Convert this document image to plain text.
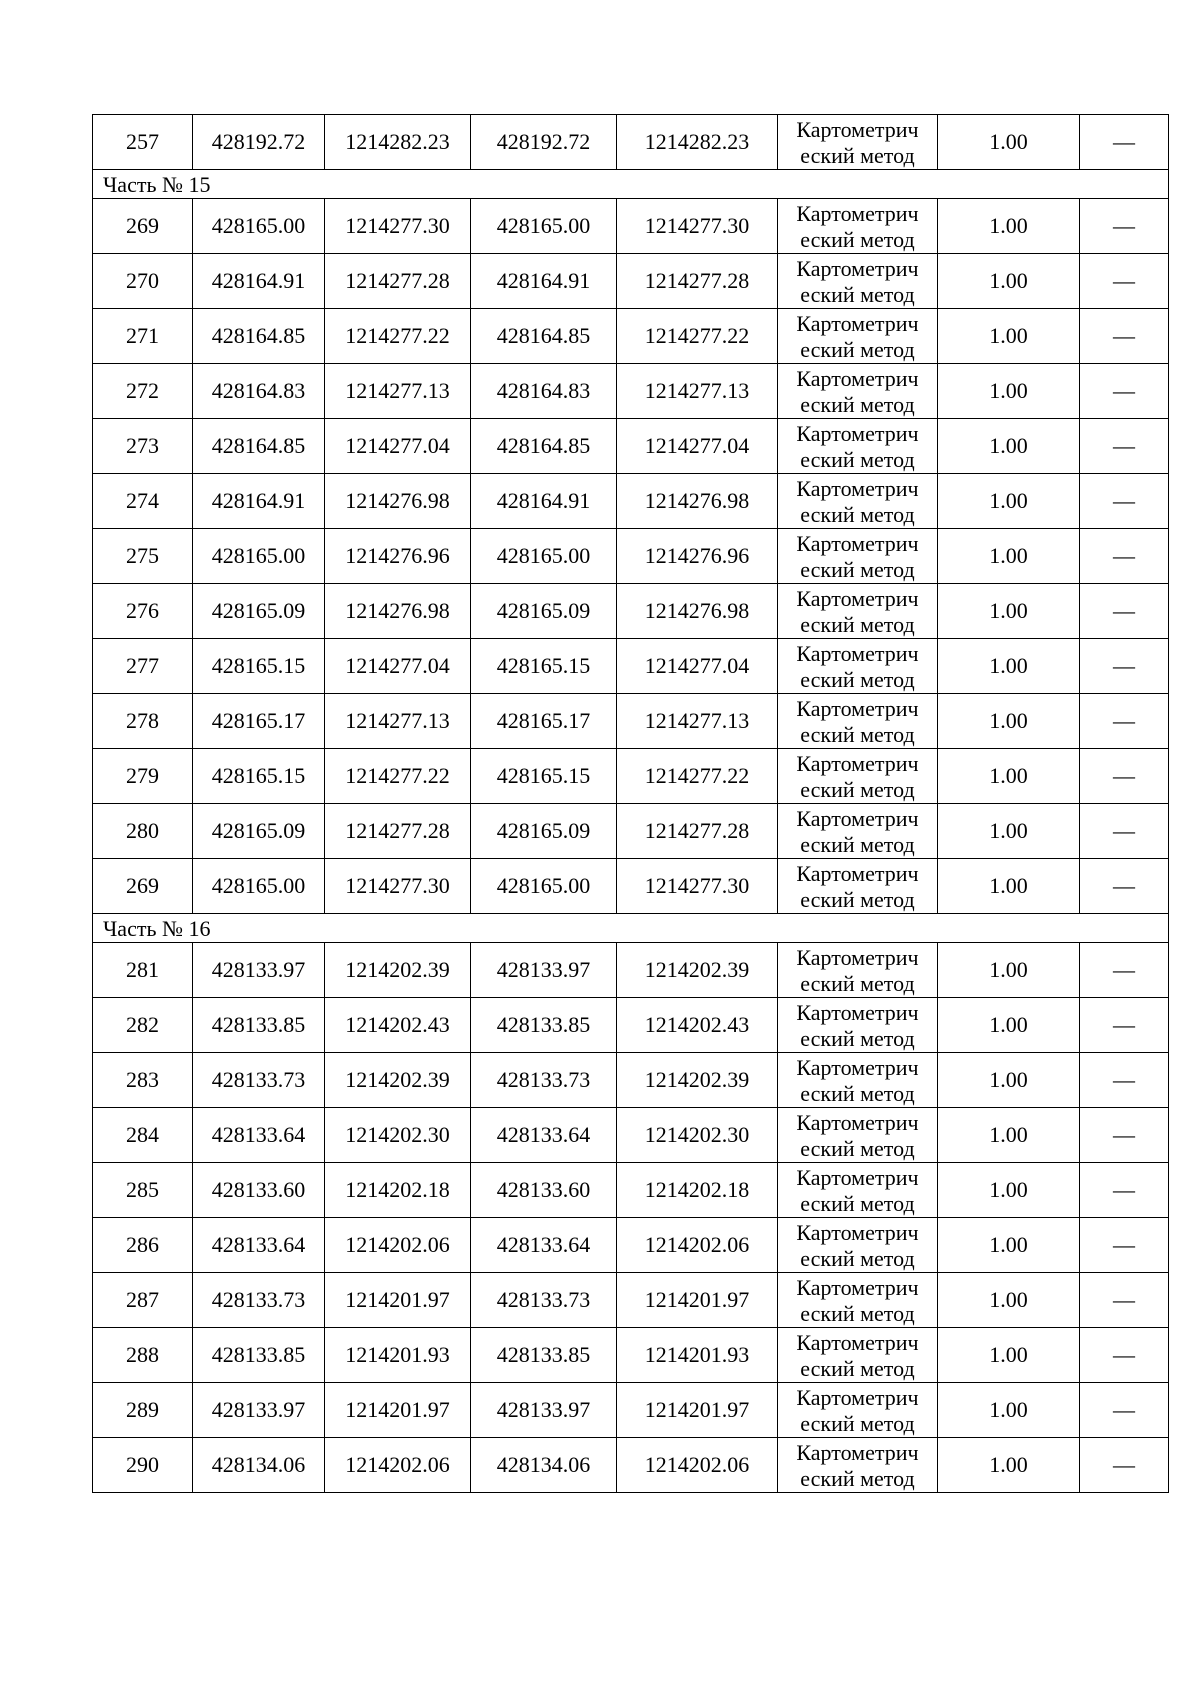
257	428192.72	1214282.23	428192.72	1214282.23	Картометрич
еский метод	1.00	—
Часть № 15							
269	428165.00	1214277.30	428165.00	1214277.30	Картометрич
еский метод	1.00	—
270	428164.91	1214277.28	428164.91	1214277.28	Картометрич
еский метод	1.00	—
271	428164.85	1214277.22	428164.85	1214277.22	Картометрич
еский метод	1.00	—
272	428164.83	1214277.13	428164.83	1214277.13	Картометрич
еский метод	1.00	—
273	428164.85	1214277.04	428164.85	1214277.04	Картометрич
еский метод	1.00	—
274	428164.91	1214276.98	428164.91	1214276.98	Картометрич
еский метод	1.00	—
275	428165.00	1214276.96	428165.00	1214276.96	Картометрич
еский метод	1.00	—
276	428165.09	1214276.98	428165.09	1214276.98	Картометрич
еский метод	1.00	—
277	428165.15	1214277.04	428165.15	1214277.04	Картометрич
еский метод	1.00	—
278	428165.17	1214277.13	428165.17	1214277.13	Картометрич
еский метод	1.00	—
279	428165.15	1214277.22	428165.15	1214277.22	Картометрич
еский метод	1.00	—
280	428165.09	1214277.28	428165.09	1214277.28	Картометрич
еский метод	1.00	—
269	428165.00	1214277.30	428165.00	1214277.30	Картометрич
еский метод	1.00	—
Часть № 16							
281	428133.97	1214202.39	428133.97	1214202.39	Картометрич
еский метод	1.00	—
282	428133.85	1214202.43	428133.85	1214202.43	Картометрич
еский метод	1.00	—
283	428133.73	1214202.39	428133.73	1214202.39	Картометрич
еский метод	1.00	—
284	428133.64	1214202.30	428133.64	1214202.30	Картометрич
еский метод	1.00	—
285	428133.60	1214202.18	428133.60	1214202.18	Картометрич
еский метод	1.00	—
286	428133.64	1214202.06	428133.64	1214202.06	Картометрич
еский метод	1.00	—
287	428133.73	1214201.97	428133.73	1214201.97	Картометрич
еский метод	1.00	—
288	428133.85	1214201.93	428133.85	1214201.93	Картометрич
еский метод	1.00	—
289	428133.97	1214201.97	428133.97	1214201.97	Картометрич
еский метод	1.00	—
290	428134.06	1214202.06	428134.06	1214202.06	Картометрич
еский метод	1.00	—
